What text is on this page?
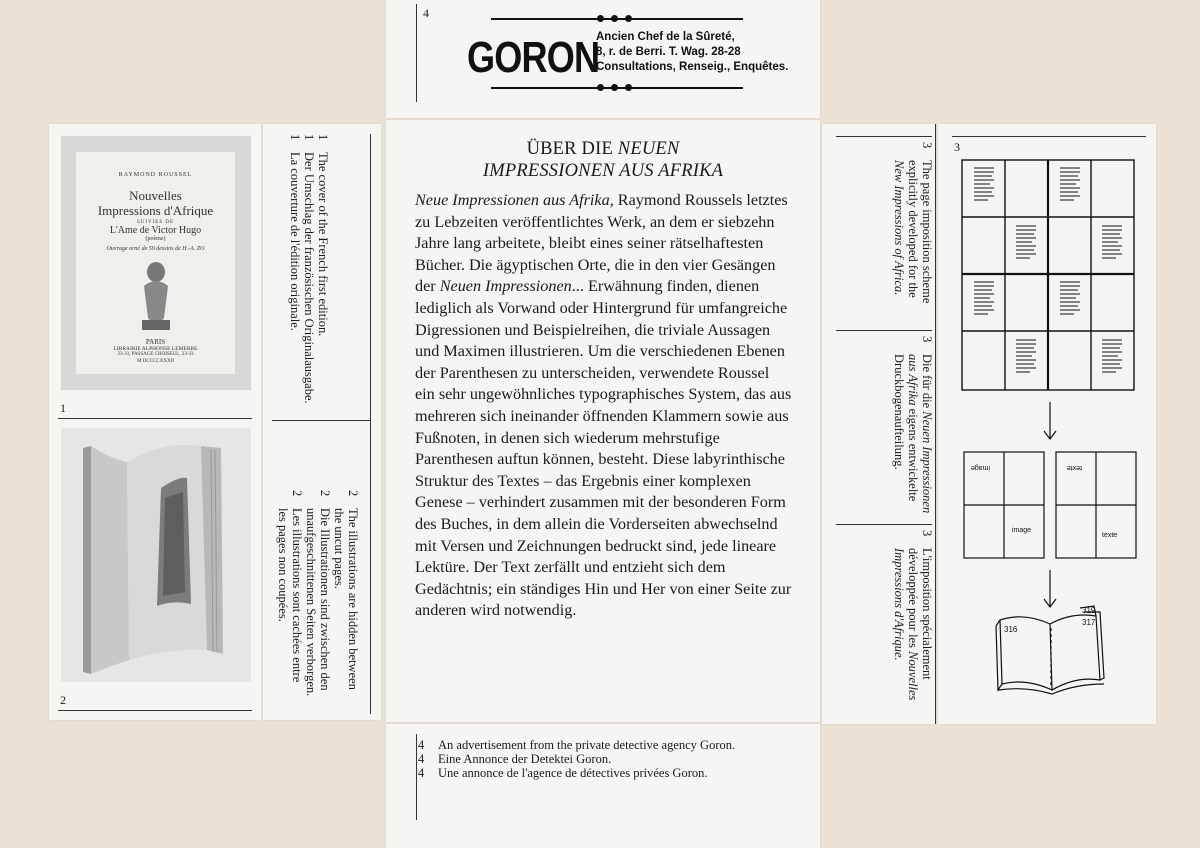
4
GORON
Ancien Chef de la Sûreté,
8, r. de Berri. T. Wag. 28-28
Consultations, Renseig., Enquêtes.
RAYMOND ROUSSEL
Nouvelles
Impressions d'Afrique
SUIVIES DE
L'Ame de Victor Hugo
(poème)
Ouvrage orné de 59 dessins de H.-A. ZO
PARIS
LIBRAIRIE ALPHONSE LEMERRE
23-33, PASSAGE CHOISEUL, 23-33
M DCCCCXXXII
1
2
1The cover of the French first edition.
1Der Umschlag der französischen Originalausgabe.
1La couverture de l'édition originale.
2The illustrations are hidden between
the uncut pages.
2Die Illustrationen sind zwischen den
unaufgeschnittenen Seiten verborgen.
2Les illustrations sont cachées entre
les pages non coupées.
ÜBER DIE NEUEN
IMPRESSIONEN AUS AFRIKA

Neue Impressionen aus Afrika, Raymond Roussels letztes zu Lebzeiten veröffentlichtes Werk, an dem er siebzehn Jahre lang arbeitete, bleibt eines seiner rätselhaftesten Bücher. Die ägyptischen Orte, die in den vier Gesängen der Neuen Impressionen... Erwähnung finden, dienen lediglich als Vorwand oder Hintergrund für umfangreiche Digressionen und Beispielreihen, die triviale Aussagen und Maximen illustrieren. Um die verschiedenen Ebenen der Parenthesen zu unterscheiden, verwendete Roussel ein sehr ungewöhnliches typographisches System, das aus mehreren sich ineinander öffnenden Klammern sowie aus Fußnoten, in denen sich wiederum mehrstufige Parenthesen auftun können, besteht. Diese labyrinthische Struktur des Textes – das Ergebnis einer komplexen Genese – verhindert zusammen mit der besonderen Form des Buches, in dem allein die Vorderseiten abwechselnd mit Versen und Zeichnungen bedruckt sind, jede lineare Lektüre. Der Text zerfällt und entzieht sich dem Gedächtnis; ein ständiges Hin und Her von einer Seite zur anderen wird notwendig.

3The page imposition scheme
explicitly developed for the
New Impressions of Africa.
3Die für die Neuen Impressionen
aus Afrika eigens entwickelte
Druckbogenaufteilung.
3L'imposition spécialement
développée pour les Nouvelles
Impressions d'Afrique.
3
image	texte
image
texte
316
317
319
4 An advertisement from the private detective agency Goron.
4 Eine Annonce der Detektei Goron.
4 Une annonce de l'agence de détectives privées Goron.
